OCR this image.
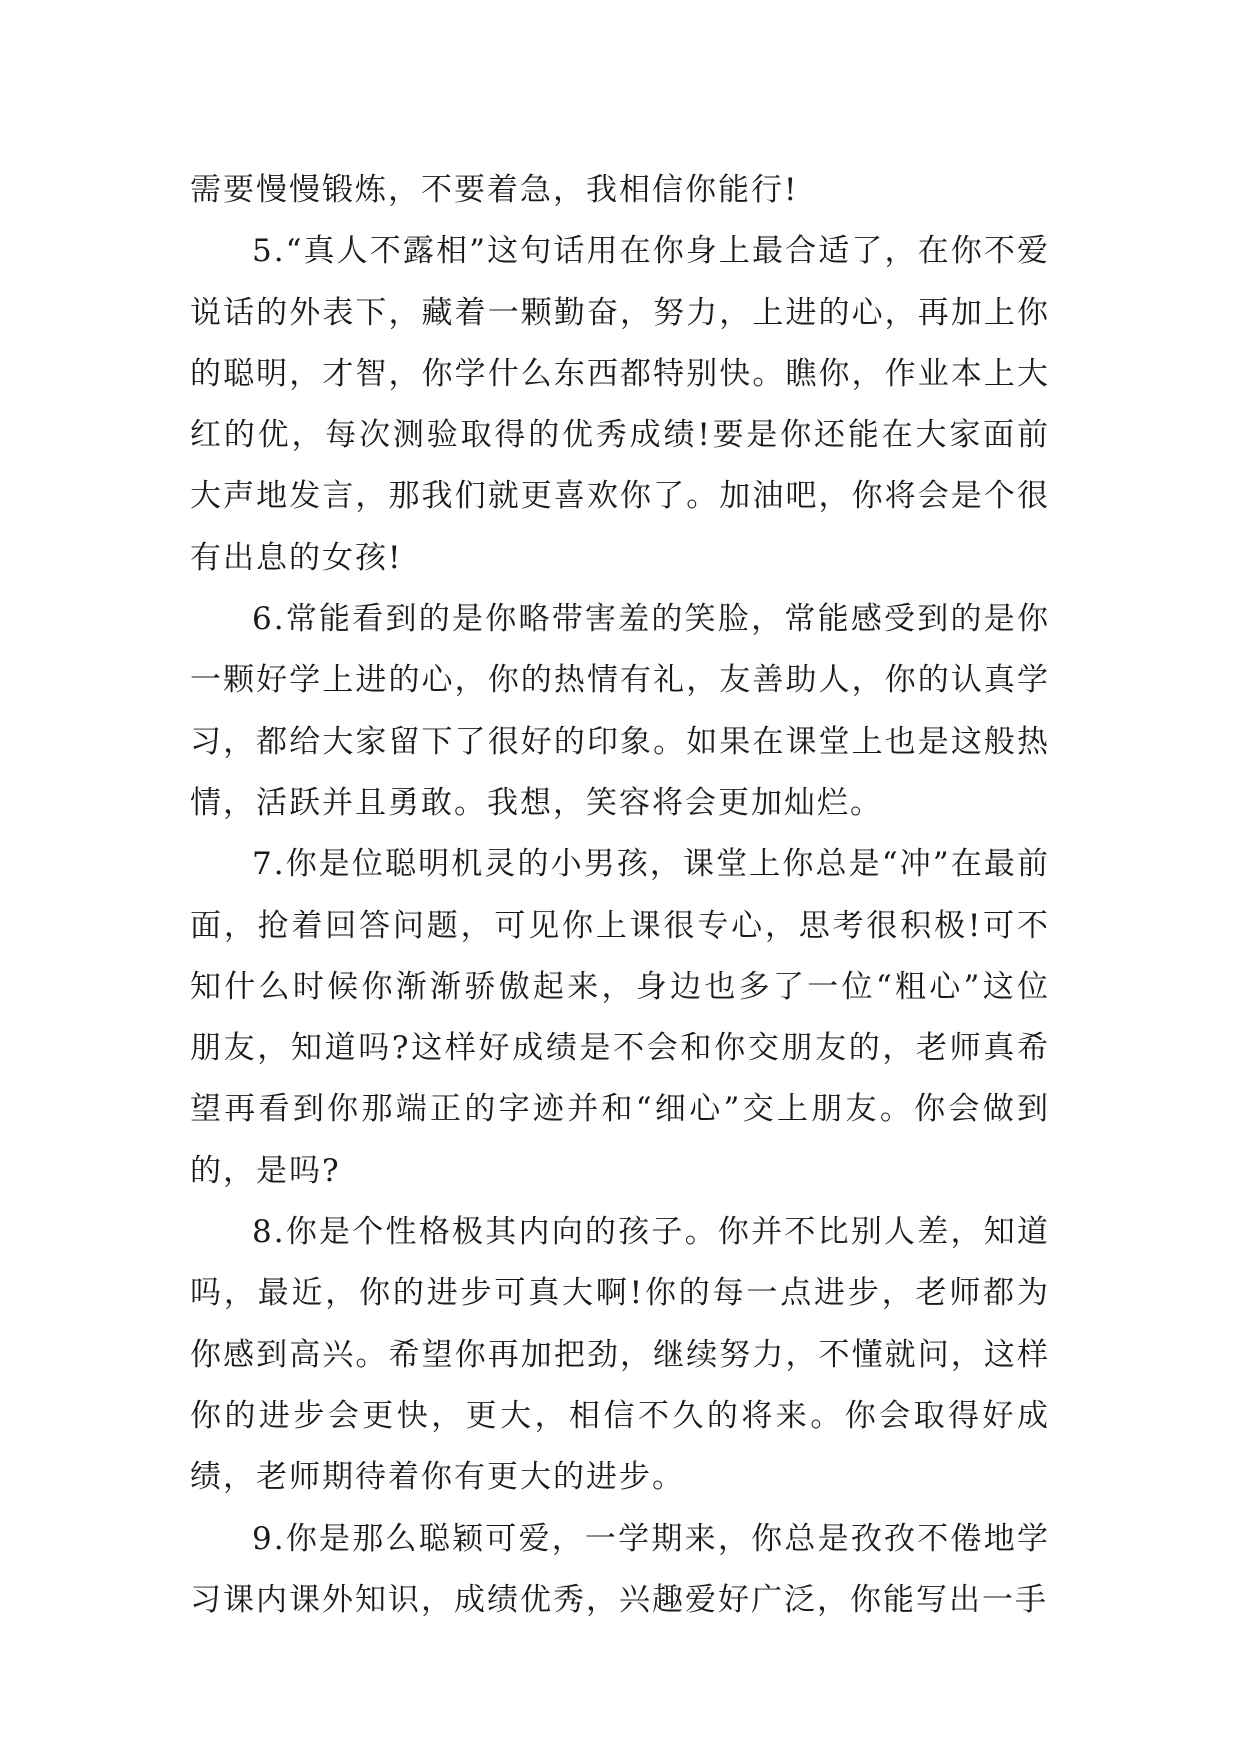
需要慢慢锻炼，不要着急，我相信你能行!

5.“真人不露相”这句话用在你身上最合适了，在你不爱说话的外表下，藏着一颗勤奋，努力，上进的心，再加上你的聪明，才智，你学什么东西都特别快。瞧你，作业本上大红的优，每次测验取得的优秀成绩!要是你还能在大家面前大声地发言，那我们就更喜欢你了。加油吧，你将会是个很有出息的女孩!

6.常能看到的是你略带害羞的笑脸，常能感受到的是你一颗好学上进的心，你的热情有礼，友善助人，你的认真学习，都给大家留下了很好的印象。如果在课堂上也是这般热情，活跃并且勇敢。我想，笑容将会更加灿烂。

7.你是位聪明机灵的小男孩，课堂上你总是“冲”在最前面，抢着回答问题，可见你上课很专心，思考很积极!可不知什么时候你渐渐骄傲起来，身边也多了一位“粗心”这位朋友，知道吗?这样好成绩是不会和你交朋友的，老师真希望再看到你那端正的字迹并和“细心”交上朋友。你会做到的，是吗?

8.你是个性格极其内向的孩子。你并不比别人差，知道吗，最近，你的进步可真大啊!你的每一点进步，老师都为你感到高兴。希望你再加把劲，继续努力，不懂就问，这样你的进步会更快，更大，相信不久的将来。你会取得好成绩，老师期待着你有更大的进步。

9.你是那么聪颖可爱，一学期来，你总是孜孜不倦地学习课内课外知识，成绩优秀，兴趣爱好广泛，你能写出一手
